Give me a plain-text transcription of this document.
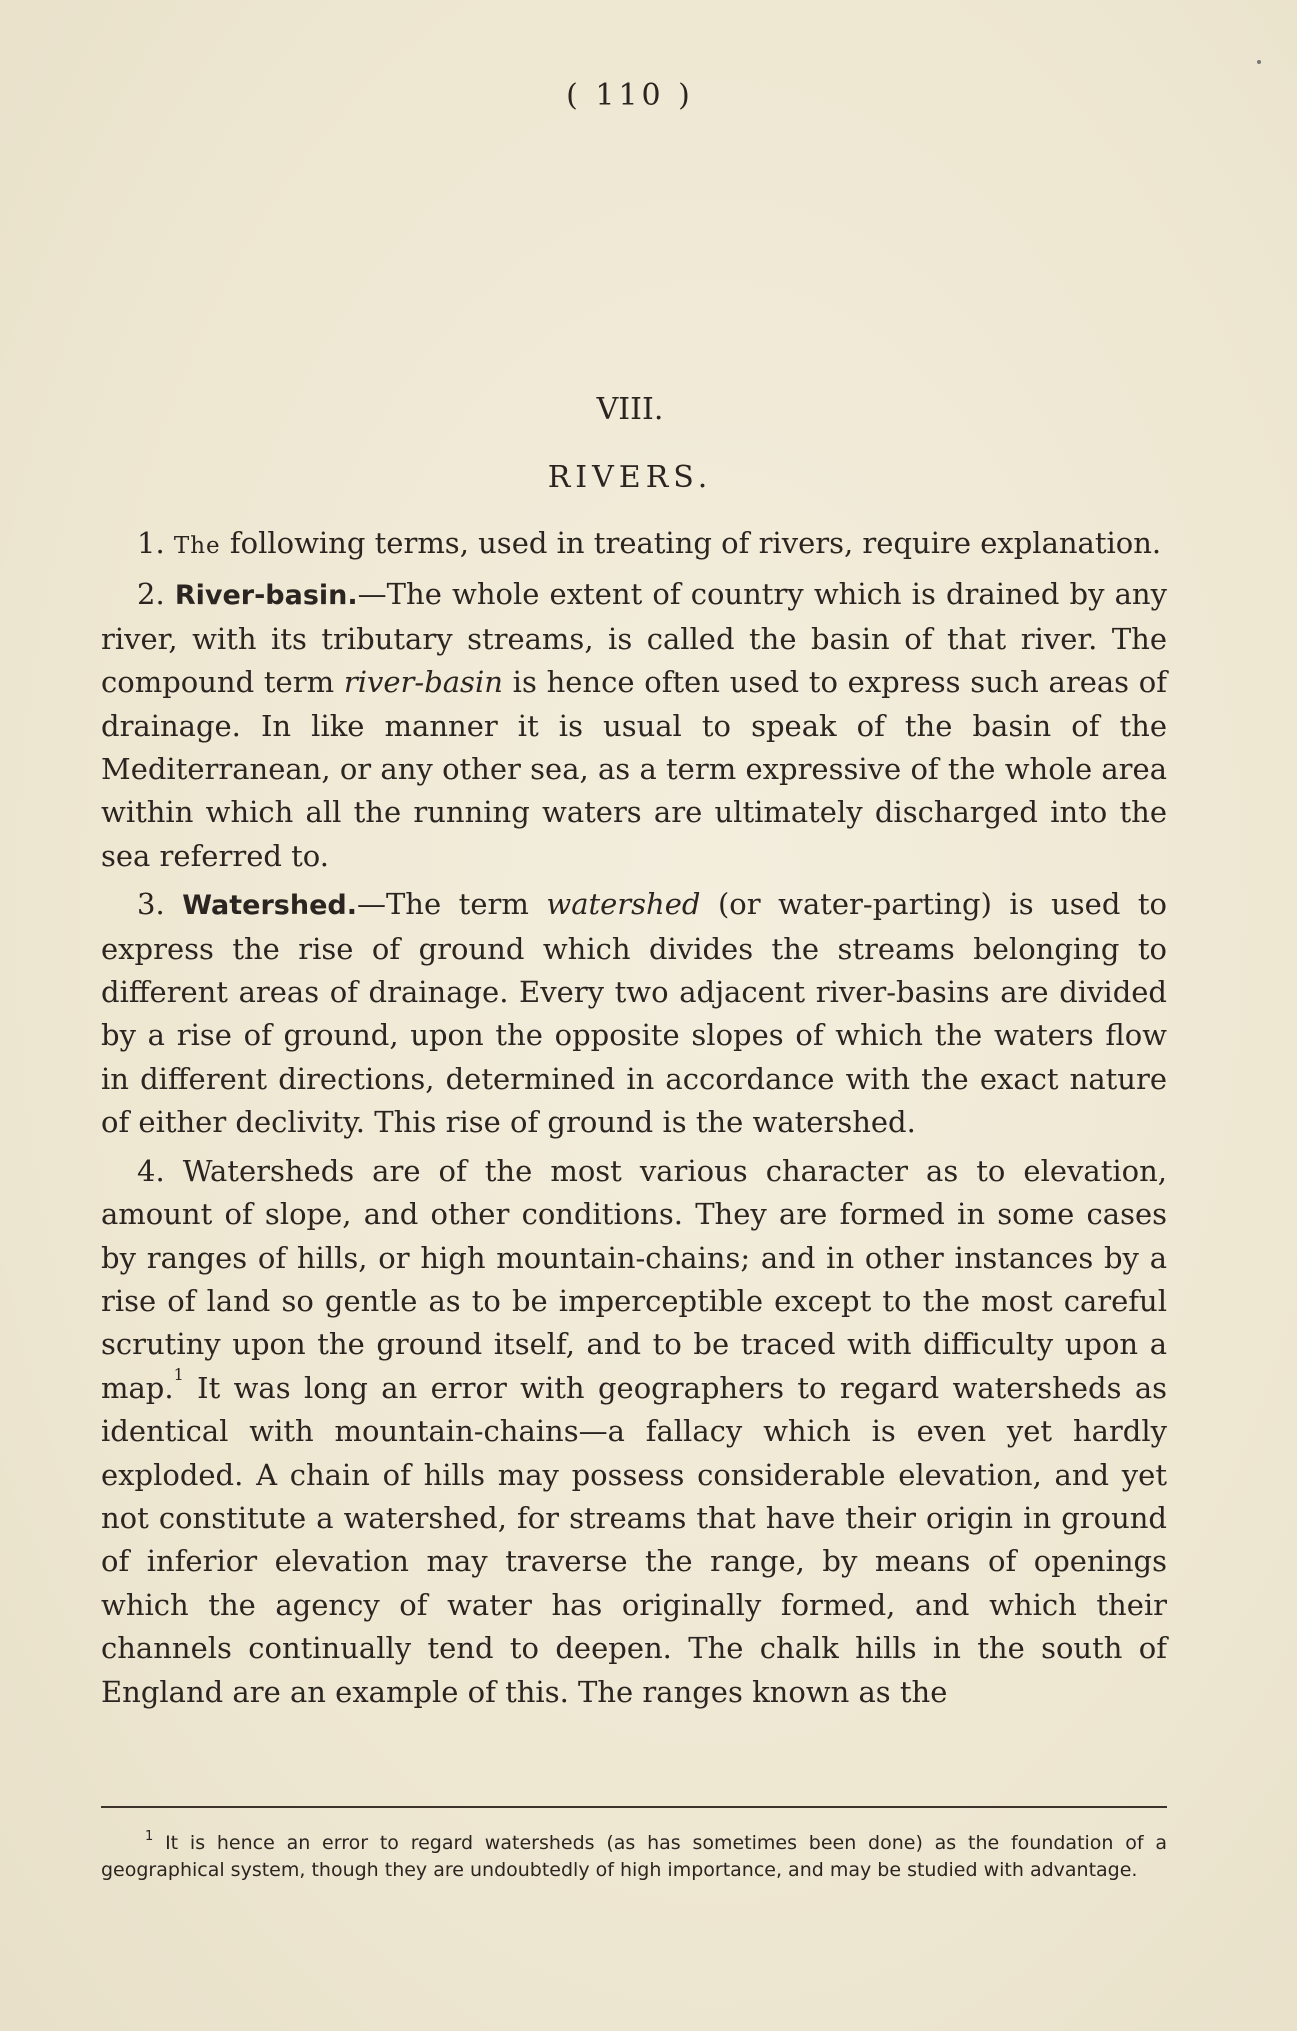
( 110 )
VIII.
RIVERS.

1. The following terms, used in treating of rivers, require explanation.

2. River-basin.—The whole extent of country which is drained by any river, with its tributary streams, is called the basin of that river. The compound term river-basin is hence often used to express such areas of drainage. In like manner it is usual to speak of the basin of the Mediterranean, or any other sea, as a term expressive of the whole area within which all the running waters are ultimately discharged into the sea referred to.

3. Watershed.—The term watershed (or water-parting) is used to express the rise of ground which divides the streams belonging to different areas of drainage. Every two adjacent river-basins are divided by a rise of ground, upon the opposite slopes of which the waters flow in different directions, determined in accordance with the exact nature of either declivity. This rise of ground is the watershed.

4. Watersheds are of the most various character as to elevation, amount of slope, and other conditions. They are formed in some cases by ranges of hills, or high mountain-chains; and in other instances by a rise of land so gentle as to be imperceptible except to the most careful scrutiny upon the ground itself, and to be traced with difficulty upon a map.$^1$ It was long an error with geographers to regard watersheds as identical with mountain-chains—a fallacy which is even yet hardly exploded. A chain of hills may possess considerable elevation, and yet not constitute a watershed, for streams that have their origin in ground of inferior elevation may traverse the range, by means of openings which the agency of water has originally formed, and which their channels continually tend to deepen. The chalk hills in the south of England are an example of this. The ranges known as the

$^1$ It is hence an error to regard watersheds (as has sometimes been done) as the foundation of a geographical system, though they are undoubtedly of high importance, and may be studied with advantage.
